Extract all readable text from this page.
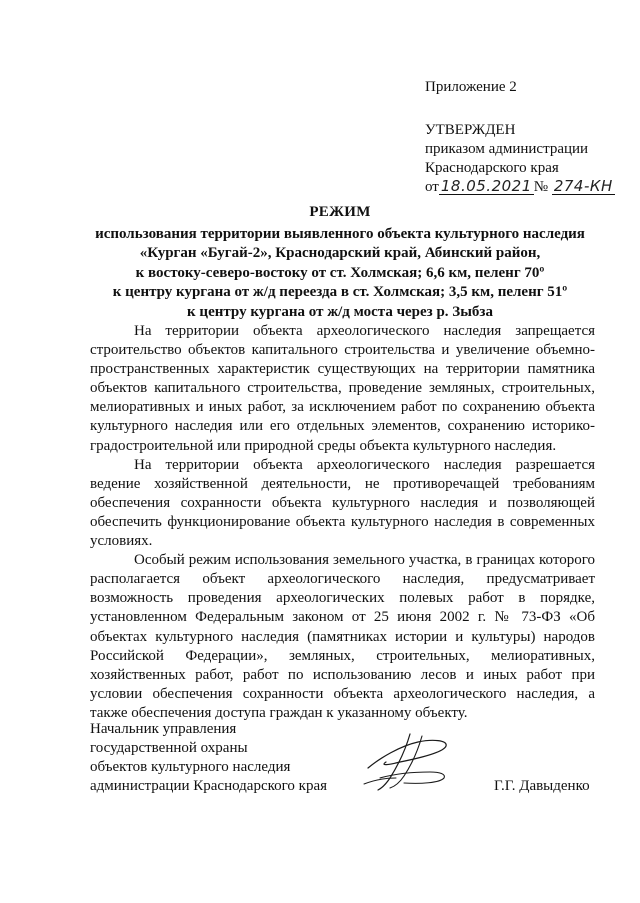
Приложение 2
УТВЕРЖДЕН
приказом администрации
Краснодарского края
от 18.05.2021 № 274-КН
РЕЖИМ
использования территории выявленного объекта культурного наследия
«Курган «Бугай-2», Краснодарский край, Абинский район,
к востоку-северо-востоку от ст. Холмская; 6,6 км, пеленг 70º
к центру кургана от ж/д переезда в ст. Холмская; 3,5 км, пеленг 51º
к центру кургана от ж/д моста через р. Зыбза

На территории объекта археологического наследия запрещается строительство объектов капитального строительства и увеличение объемно-пространственных характеристик существующих на территории памятника объектов капитального строительства, проведение земляных, строительных, мелиоративных и иных работ, за исключением работ по сохранению объекта культурного наследия или его отдельных элементов, сохранению историко-градостроительной или природной среды объекта культурного наследия.

На территории объекта археологического наследия разрешается ведение хозяйственной деятельности, не противоречащей требованиям обеспечения сохранности объекта культурного наследия и позволяющей обеспечить функционирование объекта культурного наследия в современных условиях.

Особый режим использования земельного участка, в границах которого располагается объект археологического наследия, предусматривает возможность проведения археологических полевых работ в порядке, установленном Федеральным законом от 25 июня 2002 г. № 73-ФЗ «Об объектах культурного наследия (памятниках истории и культуры) народов Российской Федерации», земляных, строительных, мелиоративных, хозяйственных работ, работ по использованию лесов и иных работ при условии обеспечения сохранности объекта археологического наследия, а также обеспечения доступа граждан к указанному объекту.

Начальник управления
государственной охраны
объектов культурного наследия
администрации Краснодарского края	Г.Г. Давыденко
